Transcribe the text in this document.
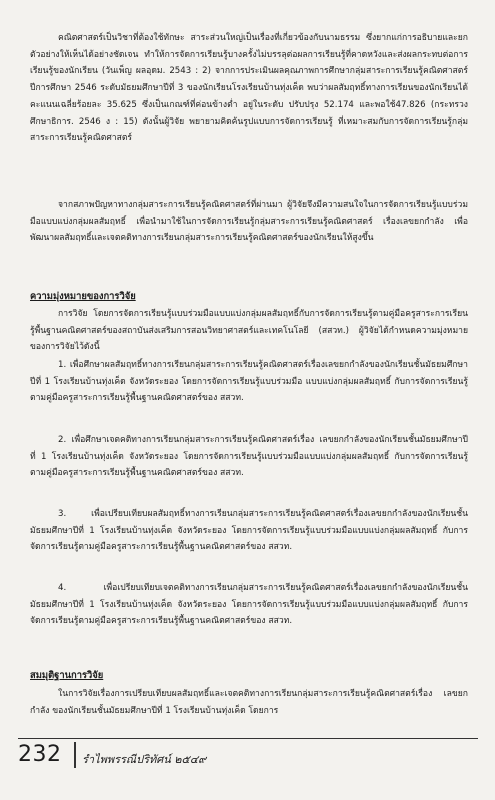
คณิตศาสตร์เป็นวิชาที่ต้องใช้ทักษะ สาระส่วนใหญ่เป็นเรื่องที่เกี่ยวข้องกับนามธรรม ซึ่งยากแก่การอธิบายและยกตัวอย่างให้เห็นได้อย่างชัดเจน ทำให้การจัดการเรียนรู้บางครั้งไม่บรรลุต่อผลการเรียนรู้ที่คาดหวังและส่งผลกระทบต่อการเรียนรู้ของนักเรียน (วันเพ็ญ ผลอุดม. 2543 : 2) จากการประเมินผลคุณภาพการศึกษากลุ่มสาระการเรียนรู้คณิตศาสตร์ ปีการศึกษา 2546 ระดับมัธยมศึกษาปีที่ 3 ของนักเรียนโรงเรียนบ้านทุ่งเค็ด พบว่าผลสัมฤทธิ์ทางการเรียนของนักเรียนได้คะแนนเฉลี่ยร้อยละ 35.625 ซึ่งเป็นเกณฑ์ที่ค่อนข้างต่ำ อยู่ในระดับ ปรับปรุง 52.174 และพอใช้47.826 (กระทรวงศึกษาธิการ. 2546 ง : 15) ดังนั้นผู้วิจัย พยายามคิดค้นรูปแบบการจัดการเรียนรู้ ที่เหมาะสมกับการจัดการเรียนรู้กลุ่มสาระการเรียนรู้คณิตศาสตร์

จากสภาพปัญหาทางกลุ่มสาระการเรียนรู้คณิตศาสตร์ที่ผ่านมา ผู้วิจัยจึงมีความสนใจในการจัดการเรียนรู้แบบร่วมมือแบบแบ่งกลุ่มผลสัมฤทธิ์ เพื่อนำมาใช้ในการจัดการเรียนรู้กลุ่มสาระการเรียนรู้คณิตศาสตร์ เรื่องเลขยกกำลัง เพื่อพัฒนาผลสัมฤทธิ์และเจตคติทางการเรียนกลุ่มสาระการเรียนรู้คณิตศาสตร์ของนักเรียนให้สูงขึ้น

ความมุ่งหมายของการวิจัย

การวิจัย โดยการจัดการเรียนรู้แบบร่วมมือแบบแบ่งกลุ่มผลสัมฤทธิ์กับการจัดการเรียนรู้ตามคู่มือครูสาระการเรียนรู้พื้นฐานคณิตศาสตร์ของสถาบันส่งเสริมการสอนวิทยาศาสตร์และเทคโนโลยี (สสวท.) ผู้วิจัยได้กำหนดความมุ่งหมายของการวิจัยไว้ดังนี้

1. เพื่อศึกษาผลสัมฤทธิ์ทางการเรียนกลุ่มสาระการเรียนรู้คณิตศาสตร์เรื่องเลขยกกำลังของนักเรียนชั้นมัธยมศึกษาปีที่ 1 โรงเรียนบ้านทุ่งเค็ด จังหวัดระยอง โดยการจัดการเรียนรู้แบบร่วมมือ แบบแบ่งกลุ่มผลสัมฤทธิ์ กับการจัดการเรียนรู้ตามคู่มือครูสาระการเรียนรู้พื้นฐานคณิตศาสตร์ของ สสวท.

2. เพื่อศึกษาเจตคติทางการเรียนกลุ่มสาระการเรียนรู้คณิตศาสตร์เรื่อง เลขยกกำลังของนักเรียนชั้นมัธยมศึกษาปีที่ 1 โรงเรียนบ้านทุ่งเค็ด จังหวัดระยอง โดยการจัดการเรียนรู้แบบร่วมมือแบบแบ่งกลุ่มผลสัมฤทธิ์ กับการจัดการเรียนรู้ตามคู่มือครูสาระการเรียนรู้พื้นฐานคณิตศาสตร์ของ สสวท.

3. เพื่อเปรียบเทียบผลสัมฤทธิ์ทางการเรียนกลุ่มสาระการเรียนรู้คณิตศาสตร์เรื่องเลขยกกำลังของนักเรียนชั้นมัธยมศึกษาปีที่ 1 โรงเรียนบ้านทุ่งเค็ด จังหวัดระยอง โดยการจัดการเรียนรู้แบบร่วมมือแบบแบ่งกลุ่มผลสัมฤทธิ์ กับการจัดการเรียนรู้ตามคู่มือครูสาระการเรียนรู้พื้นฐานคณิตศาสตร์ของ สสวท.

4. เพื่อเปรียบเทียบเจตคติทางการเรียนกลุ่มสาระการเรียนรู้คณิตศาสตร์เรื่องเลขยกกำลังของนักเรียนชั้นมัธยมศึกษาปีที่ 1 โรงเรียนบ้านทุ่งเค็ด จังหวัดระยอง โดยการจัดการเรียนรู้แบบร่วมมือแบบแบ่งกลุ่มผลสัมฤทธิ์ กับการจัดการเรียนรู้ตามคู่มือครูสาระการเรียนรู้พื้นฐานคณิตศาสตร์ของ สสวท.

สมมุติฐานการวิจัย

ในการวิจัยเรื่องการเปรียบเทียบผลสัมฤทธิ์และเจตคติทางการเรียนกลุ่มสาระการเรียนรู้คณิตศาสตร์เรื่อง เลขยกกำลัง ของนักเรียนชั้นมัธยมศึกษาปีที่ 1 โรงเรียนบ้านทุ่งเค็ด โดยการ

232 รำไพพรรณีปริทัศน์ ๒๕๔๙
